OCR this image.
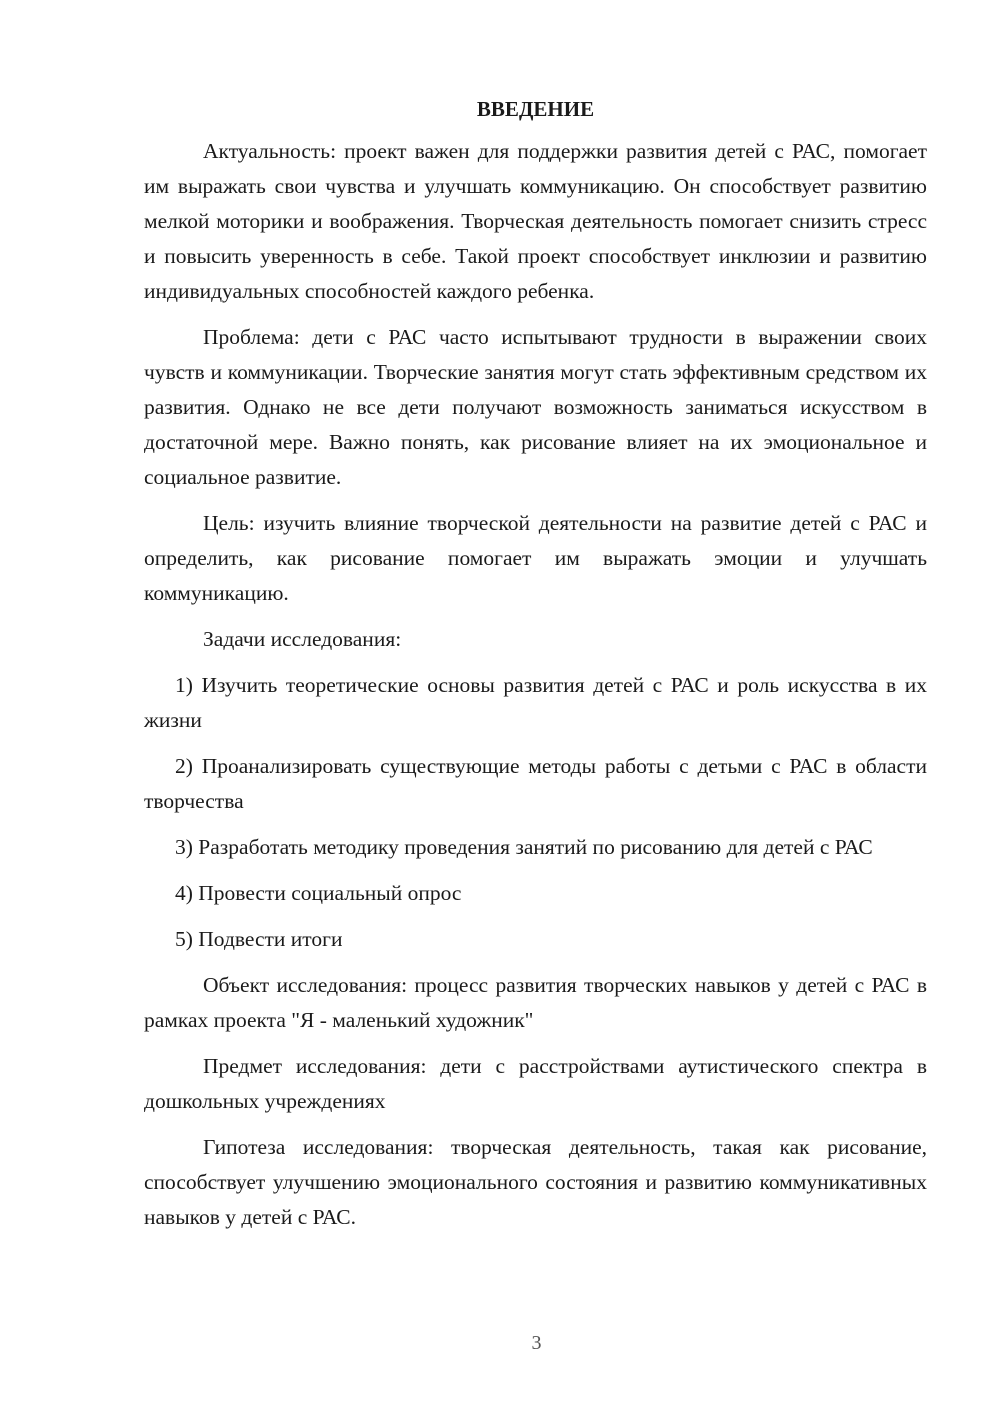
ВВЕДЕНИЕ

Актуальность: проект важен для поддержки развития детей с РАС, помогает им выражать свои чувства и улучшать коммуникацию. Он способствует развитию мелкой моторики и воображения. Творческая деятельность помогает снизить стресс и повысить уверенность в себе. Такой проект способствует инклюзии и развитию индивидуальных способностей каждого ребенка.

Проблема: дети с РАС часто испытывают трудности в выражении своих чувств и коммуникации. Творческие занятия могут стать эффективным средством их развития. Однако не все дети получают возможность заниматься искусством в достаточной мере. Важно понять, как рисование влияет на их эмоциональное и социальное развитие.

Цель: изучить влияние творческой деятельности на развитие детей с РАС и определить, как рисование помогает им выражать эмоции и улучшать коммуникацию.

Задачи исследования:

1) Изучить теоретические основы развития детей с РАС и роль искусства в их жизни

2) Проанализировать существующие методы работы с детьми с РАС в области творчества

3) Разработать методику проведения занятий по рисованию для детей с РАС

4) Провести социальный опрос

5) Подвести итоги

Объект исследования: процесс развития творческих навыков у детей с РАС в рамках проекта "Я - маленький художник"

Предмет исследования: дети с расстройствами аутистического спектра в дошкольных учреждениях

Гипотеза исследования: творческая деятельность, такая как рисование, способствует улучшению эмоционального состояния и развитию коммуникативных навыков у детей с РАС.

3
